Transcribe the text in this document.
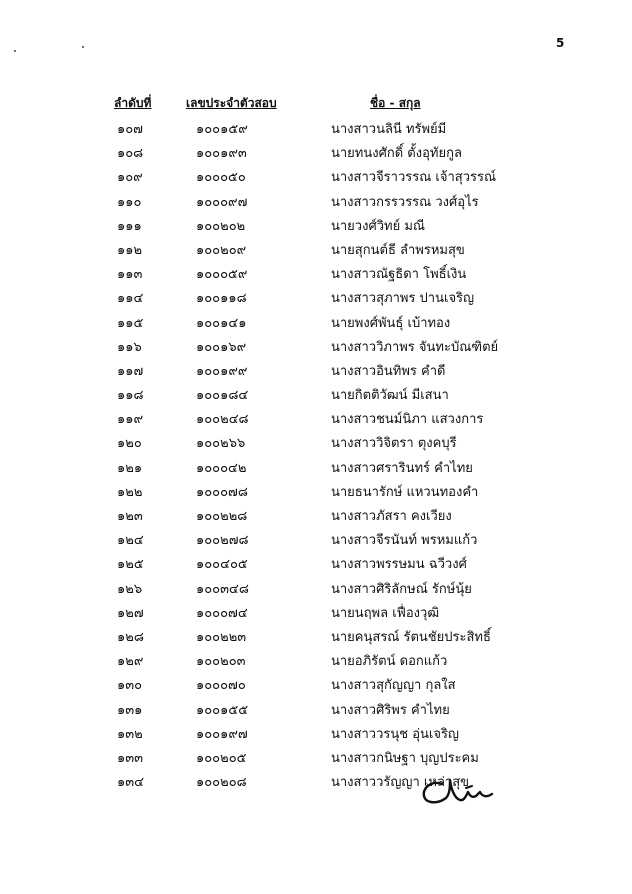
5
ลำดับที่	เลขประจำตัวสอบ	ชื่อ - สกุล
๑๐๗	๑๐๐๑๕๙	นางสาวนลินี ทรัพย์มี
๑๐๘	๑๐๐๑๙๓	นายทนงศักดิ์ ตั้งอุทัยกูล
๑๐๙	๑๐๐๐๕๐	นางสาวจีราวรรณ เจ้าสุวรรณ์
๑๑๐	๑๐๐๐๙๗	นางสาวกรรวรรณ วงศ์อุไร
๑๑๑	๑๐๐๒๐๒	นายวงศ์วิทย์ มณี
๑๑๒	๑๐๐๒๐๙	นายสุกนต์ธี ลำพรหมสุข
๑๑๓	๑๐๐๐๕๙	นางสาวณัฐธิดา โพธิ์เงิน
๑๑๔	๑๐๐๑๑๘	นางสาวสุภาพร ปานเจริญ
๑๑๕	๑๐๐๑๔๑	นายพงศ์พันธุ์ เบ้าทอง
๑๑๖	๑๐๐๑๖๙	นางสาววิภาพร จันทะบัณฑิตย์
๑๑๗	๑๐๐๑๙๙	นางสาวอินทิพร คำดี
๑๑๘	๑๐๐๑๘๔	นายกิตติวัฒน์ มีเสนา
๑๑๙	๑๐๐๒๔๘	นางสาวชนม์นิภา แสวงการ
๑๒๐	๑๐๐๒๖๖	นางสาววิจิตรา ตุงคบุรี
๑๒๑	๑๐๐๐๔๒	นางสาวศรารินทร์ คำไทย
๑๒๒	๑๐๐๐๗๘	นายธนารักษ์ แหวนทองคำ
๑๒๓	๑๐๐๒๒๘	นางสาวภัสรา คงเวียง
๑๒๔	๑๐๐๒๗๘	นางสาวจีรนันท์ พรหมแก้ว
๑๒๕	๑๐๐๔๐๕	นางสาวพรรษมน ฉวีวงศ์
๑๒๖	๑๐๐๓๔๘	นางสาวศิริลักษณ์ รักษ์นุ้ย
๑๒๗	๑๐๐๐๗๔	นายนฤพล เฟื่องวุฒิ
๑๒๘	๑๐๐๒๒๓	นายคนุสรณ์ รัตนชัยประสิทธิ์
๑๒๙	๑๐๐๒๐๓	นายอภิรัตน์ ดอกแก้ว
๑๓๐	๑๐๐๐๗๐	นางสาวสุกัญญา กุลใส
๑๓๑	๑๐๐๑๕๕	นางสาวศิริพร คำไทย
๑๓๒	๑๐๐๑๙๗	นางสาววรนุช อุ่นเจริญ
๑๓๓	๑๐๐๒๐๕	นางสาวกนิษฐา บุญประคม
๑๓๔	๑๐๐๒๐๘	นางสาววรัญญา เหล่าสุข
